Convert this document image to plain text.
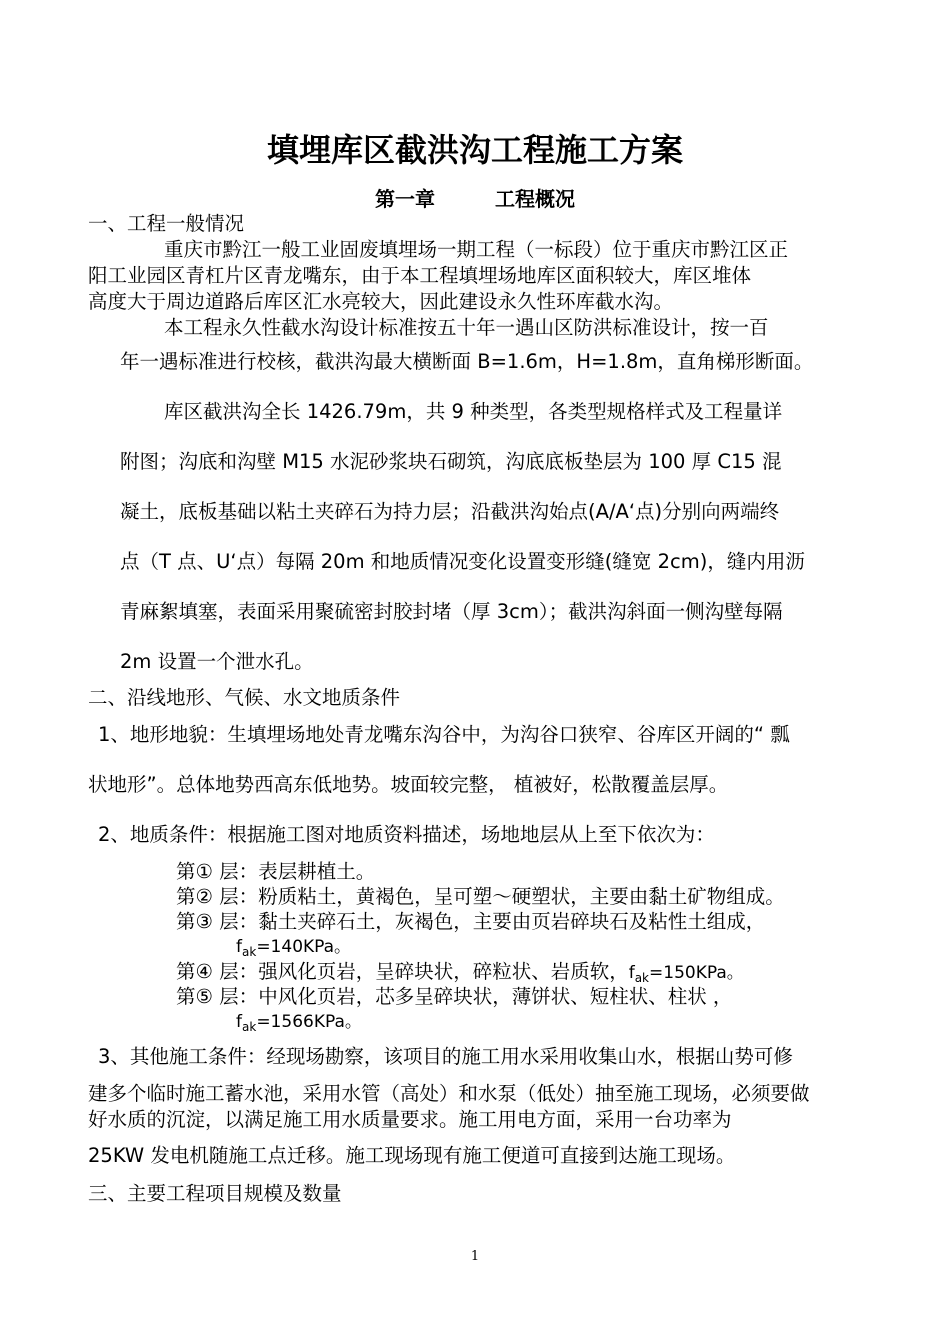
填埋库区截洪沟工程施工方案
第一章	工程概况
一、工程一般情况
重庆市黔江一般工业固废填埋场一期工程（一标段）位于重庆市黔江区正
阳工业园区青杠片区青龙嘴东，由于本工程填埋场地库区面积较大，库区堆体
高度大于周边道路后库区汇水亮较大，因此建设永久性环库截水沟。
本工程永久性截水沟设计标准按五十年一遇山区防洪标准设计，按一百
年一遇标准进行校核，截洪沟最大横断面 B=1.6m，H=1.8m，直角梯形断面。
库区截洪沟全长 1426.79m，共 9 种类型，各类型规格样式及工程量详
附图；沟底和沟壁 M15 水泥砂浆块石砌筑，沟底底板垫层为 100 厚 C15 混
凝土，底板基础以粘土夹碎石为持力层；沿截洪沟始点(A/A‘点)分别向两端终
点（T 点、U‘点）每隔 20m 和地质情况变化设置变形缝(缝宽 2cm)，缝内用沥
青麻絮填塞，表面采用聚硫密封胶封堵（厚 3cm）；截洪沟斜面一侧沟壁每隔
2m 设置一个泄水孔。
二、沿线地形、气候、水文地质条件
1、地形地貌：生填埋场地处青龙嘴东沟谷中，为沟谷口狭窄、谷库区开阔的“ 瓢
状地形”。总体地势西高东低地势。坡面较完整， 植被好，松散覆盖层厚。
2、地质条件：根据施工图对地质资料描述，场地地层从上至下依次为：
第① 层：表层耕植土。
第② 层：粉质粘土，黄褐色，呈可塑～硬塑状，主要由黏土矿物组成。
第③ 层：黏土夹碎石土，灰褐色，主要由页岩碎块石及粘性土组成，
$f_{ak}=140KPa$。
第④ 层：强风化页岩，呈碎块状，碎粒状、岩质软，$f_{ak}=150KPa$。
第⑤ 层：中风化页岩，芯多呈碎块状，薄饼状、短柱状、柱状 ，
$f_{ak}=1566KPa$。
3、其他施工条件：经现场勘察，该项目的施工用水采用收集山水，根据山势可修
建多个临时施工蓄水池，采用水管（高处）和水泵（低处）抽至施工现场，必须要做
好水质的沉淀，以满足施工用水质量要求。施工用电方面，采用一台功率为
25KW 发电机随施工点迁移。施工现场现有施工便道可直接到达施工现场。
三、主要工程项目规模及数量
1
